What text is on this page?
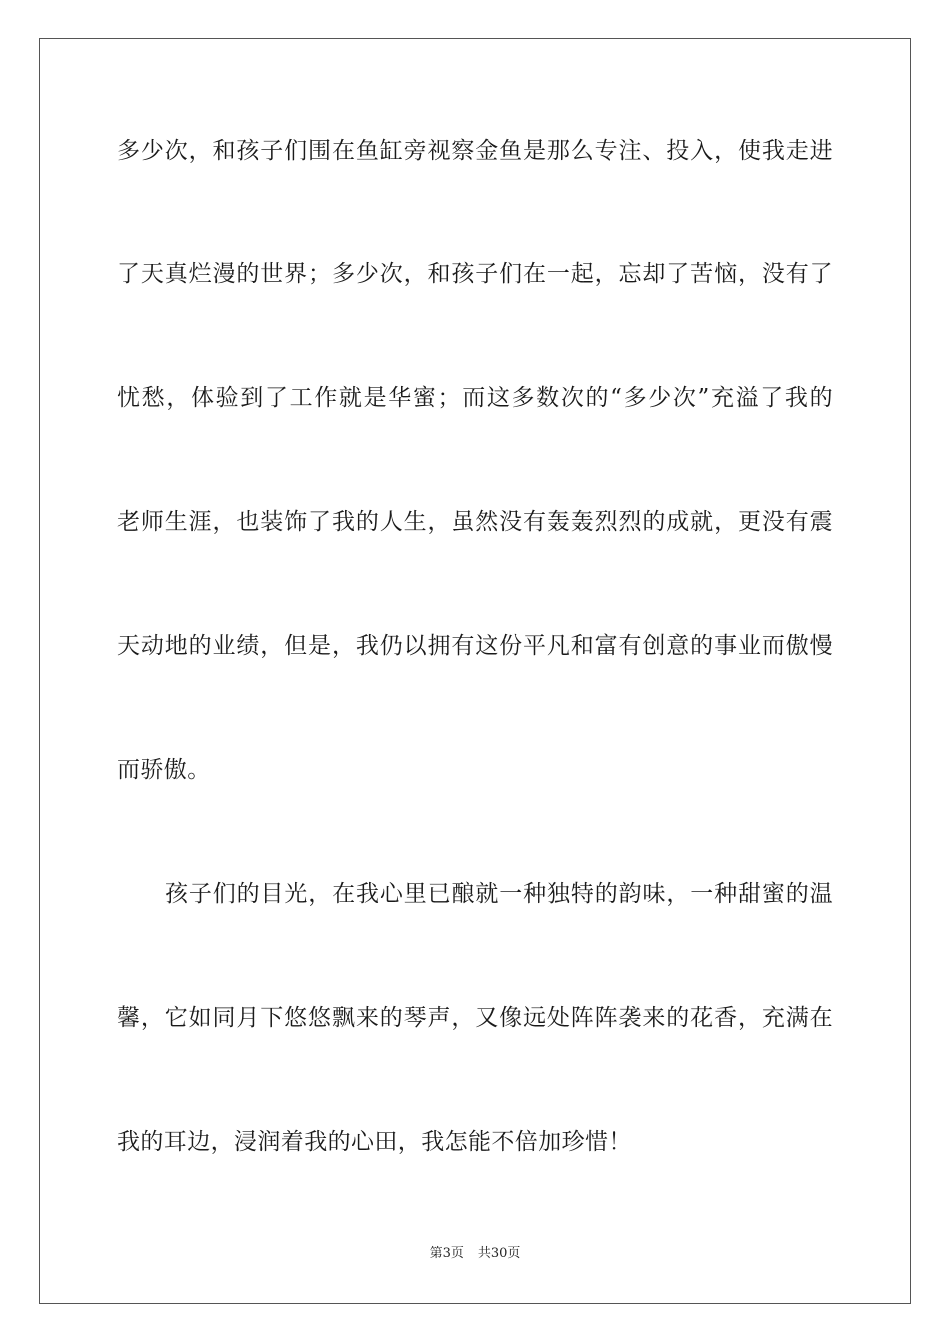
多少次，和孩子们围在鱼缸旁视察金鱼是那么专注、投入，使我走进
了天真烂漫的世界；多少次，和孩子们在一起，忘却了苦恼，没有了
忧愁，体验到了工作就是华蜜；而这多数次的“多少次”充溢了我的
老师生涯，也装饰了我的人生，虽然没有轰轰烈烈的成就，更没有震
天动地的业绩，但是，我仍以拥有这份平凡和富有创意的事业而傲慢
而骄傲。
孩子们的目光，在我心里已酿就一种独特的韵味，一种甜蜜的温
馨，它如同月下悠悠飘来的琴声，又像远处阵阵袭来的花香，充满在
我的耳边，浸润着我的心田，我怎能不倍加珍惜！
第3页 共30页
